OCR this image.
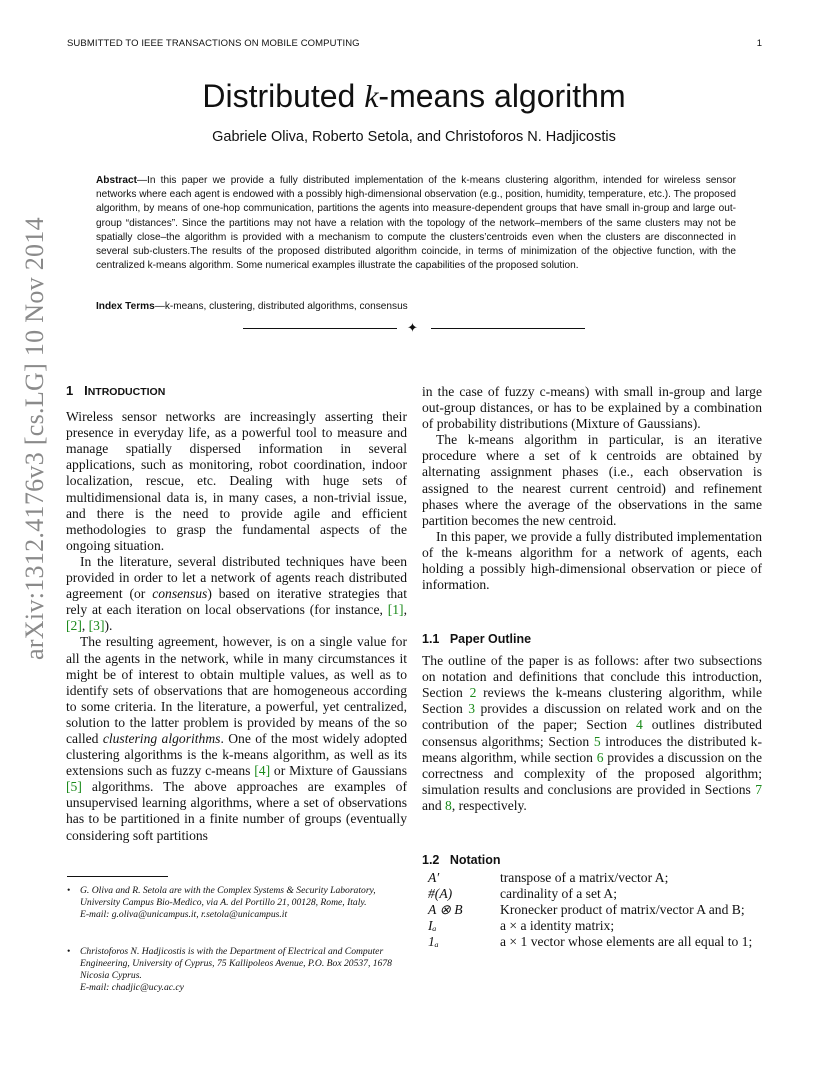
SUBMITTED TO IEEE TRANSACTIONS ON MOBILE COMPUTING	1
Distributed k-means algorithm
Gabriele Oliva, Roberto Setola, and Christoforos N. Hadjicostis
Abstract—In this paper we provide a fully distributed implementation of the k-means clustering algorithm, intended for wireless sensor networks where each agent is endowed with a possibly high-dimensional observation (e.g., position, humidity, temperature, etc.). The proposed algorithm, by means of one-hop communication, partitions the agents into measure-dependent groups that have small in-group and large out-group “distances”. Since the partitions may not have a relation with the topology of the network–members of the same clusters may not be spatially close–the algorithm is provided with a mechanism to compute the clusters’centroids even when the clusters are disconnected in several sub-clusters.The results of the proposed distributed algorithm coincide, in terms of minimization of the objective function, with the centralized k-means algorithm. Some numerical examples illustrate the capabilities of the proposed solution.
Index Terms—k-means, clustering, distributed algorithms, consensus
✦
arXiv:1312.4176v3 [cs.LG] 10 Nov 2014 1 INTRODUCTION

Wireless sensor networks are increasingly asserting their presence in everyday life, as a powerful tool to measure and manage spatially dispersed information in several applications, such as monitoring, robot coordination, indoor localization, rescue, etc. Dealing with huge sets of multidimensional data is, in many cases, a non-trivial issue, and there is the need to provide agile and efficient methodologies to grasp the fundamental aspects of the ongoing situation.

In the literature, several distributed techniques have been provided in order to let a network of agents reach distributed agreement (or consensus) based on iterative strategies that rely at each iteration on local observations (for instance, [1], [2], [3]).

The resulting agreement, however, is on a single value for all the agents in the network, while in many circumstances it might be of interest to obtain multiple values, as well as to identify sets of observations that are homogeneous according to some criteria. In the literature, a powerful, yet centralized, solution to the latter problem is provided by means of the so called clustering algorithms. One of the most widely adopted clustering algorithms is the k-means algorithm, as well as its extensions such as fuzzy c-means [4] or Mixture of Gaussians [5] algorithms. The above approaches are examples of unsupervised learning algorithms, where a set of observations has to be partitioned in a finite number of groups (eventually considering soft partitions

• G. Oliva and R. Setola are with the Complex Systems & Security Laboratory, University Campus Bio-Medico, via A. del Portillo 21, 00128, Rome, Italy.
E-mail: g.oliva@unicampus.it, r.setola@unicampus.it
• Christoforos N. Hadjicostis is with the Department of Electrical and Computer Engineering, University of Cyprus, 75 Kallipoleos Avenue, P.O. Box 20537, 1678 Nicosia Cyprus.
E-mail: chadjic@ucy.ac.cy

in the case of fuzzy c-means) with small in-group and large out-group distances, or has to be explained by a combination of probability distributions (Mixture of Gaussians).

The k-means algorithm in particular, is an iterative procedure where a set of k centroids are obtained by alternating assignment phases (i.e., each observation is assigned to the nearest current centroid) and refinement phases where the average of the observations in the same partition becomes the new centroid.

In this paper, we provide a fully distributed implementation of the k-means algorithm for a network of agents, each holding a possibly high-dimensional observation or piece of information.

1.1 Paper Outline

The outline of the paper is as follows: after two subsections on notation and definitions that conclude this introduction, Section 2 reviews the k-means clustering algorithm, while Section 3 provides a discussion on related work and on the contribution of the paper; Section 4 outlines distributed consensus algorithms; Section 5 introduces the distributed k-means algorithm, while section 6 provides a discussion on the correctness and complexity of the proposed algorithm; simulation results and conclusions are provided in Sections 7 and 8, respectively.

1.2 Notation
A′	transpose of a matrix/vector A;
#(A)	cardinality of a set A;
A ⊗ B	Kronecker product of matrix/vector A and B;
Iₐ	a × a identity matrix;
1ₐ	a × 1 vector whose elements are all equal to 1;
